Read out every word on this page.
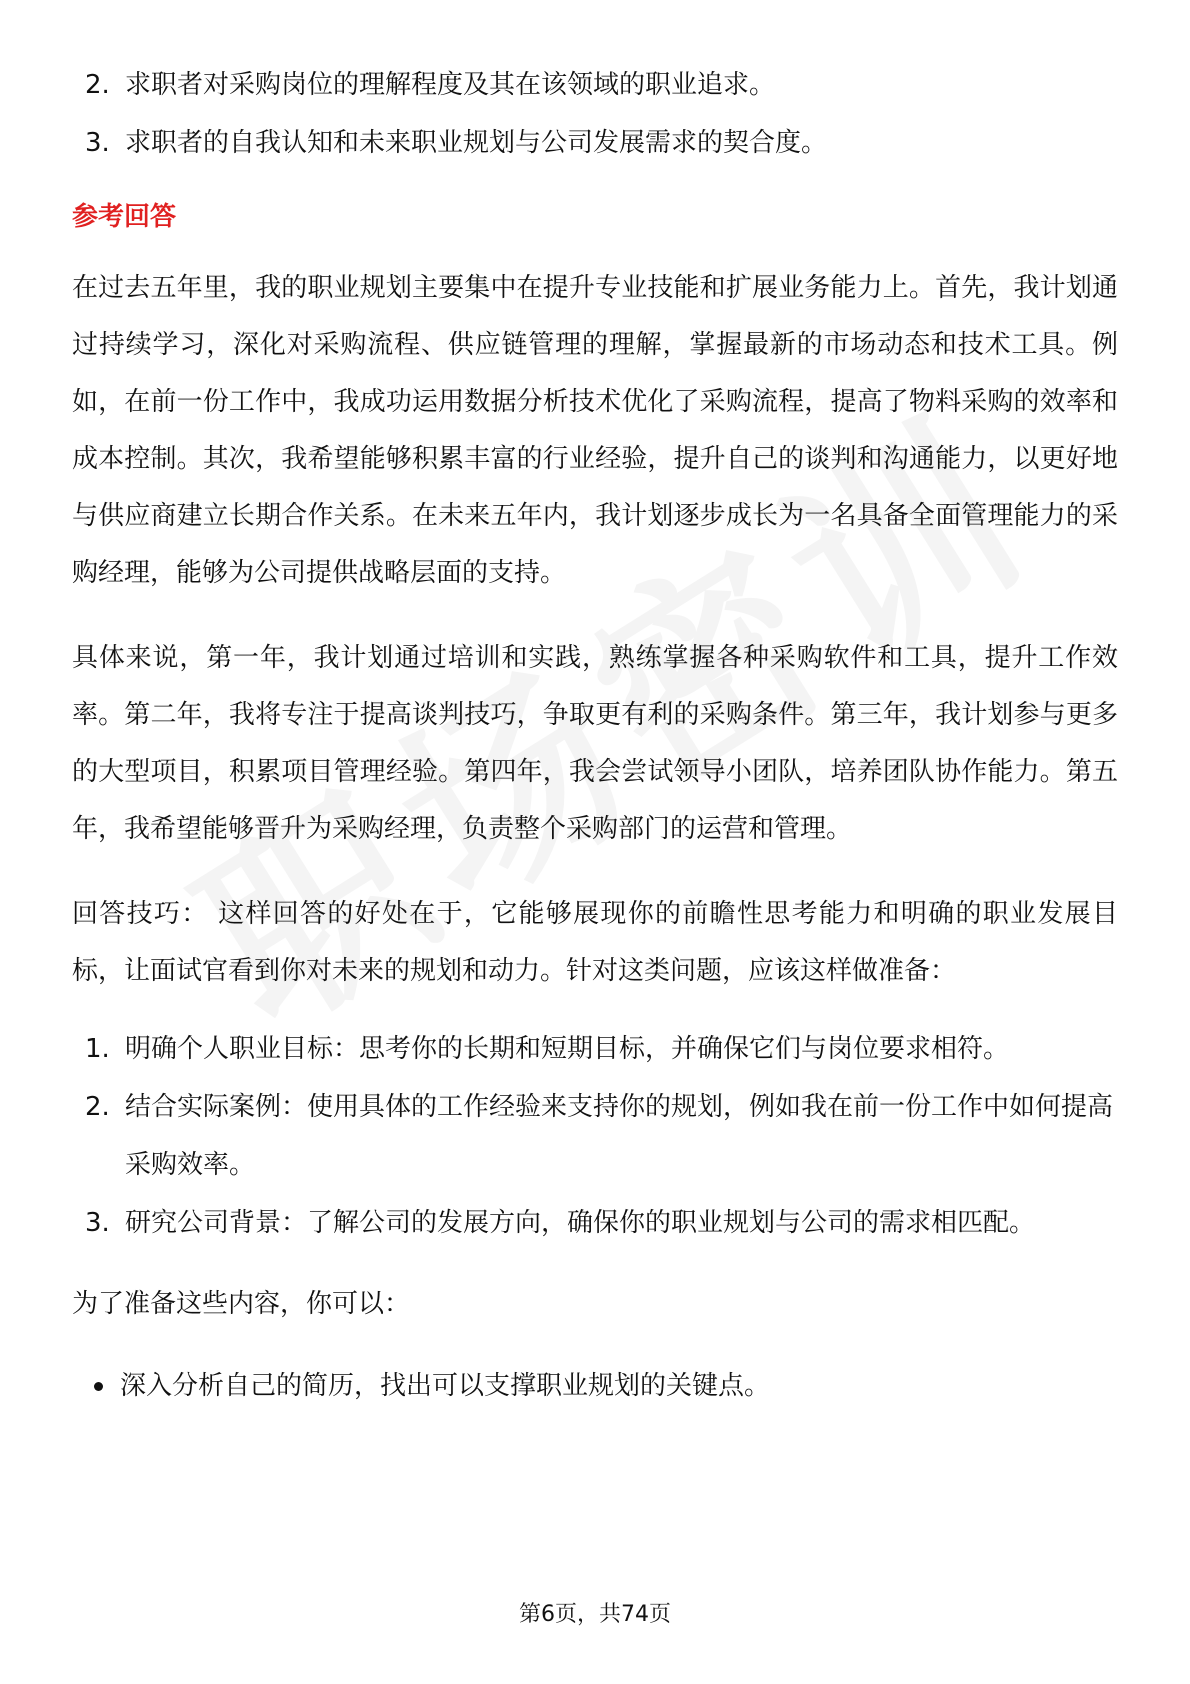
2. 求职者对采购岗位的理解程度及其在该领域的职业追求。
3. 求职者的自我认知和未来职业规划与公司发展需求的契合度。
参考回答

在过去五年里，我的职业规划主要集中在提升专业技能和扩展业务能力上。首先，我计划通过持续学习，深化对采购流程、供应链管理的理解，掌握最新的市场动态和技术工具。例如，在前一份工作中，我成功运用数据分析技术优化了采购流程，提高了物料采购的效率和成本控制。其次，我希望能够积累丰富的行业经验，提升自己的谈判和沟通能力，以更好地与供应商建立长期合作关系。在未来五年内，我计划逐步成长为一名具备全面管理能力的采购经理，能够为公司提供战略层面的支持。

具体来说，第一年，我计划通过培训和实践，熟练掌握各种采购软件和工具，提升工作效率。第二年，我将专注于提高谈判技巧，争取更有利的采购条件。第三年，我计划参与更多的大型项目，积累项目管理经验。第四年，我会尝试领导小团队，培养团队协作能力。第五年，我希望能够晋升为采购经理，负责整个采购部门的运营和管理。

回答技巧： 这样回答的好处在于，它能够展现你的前瞻性思考能力和明确的职业发展目标，让面试官看到你对未来的规划和动力。针对这类问题，应该这样做准备：

1. 明确个人职业目标：思考你的长期和短期目标，并确保它们与岗位要求相符。
2. 结合实际案例：使用具体的工作经验来支持你的规划，例如我在前一份工作中如何提高采购效率。
3. 研究公司背景：了解公司的发展方向，确保你的职业规划与公司的需求相匹配。

为了准备这些内容，你可以：

深入分析自己的简历，找出可以支撑职业规划的关键点。
第6页，共74页
